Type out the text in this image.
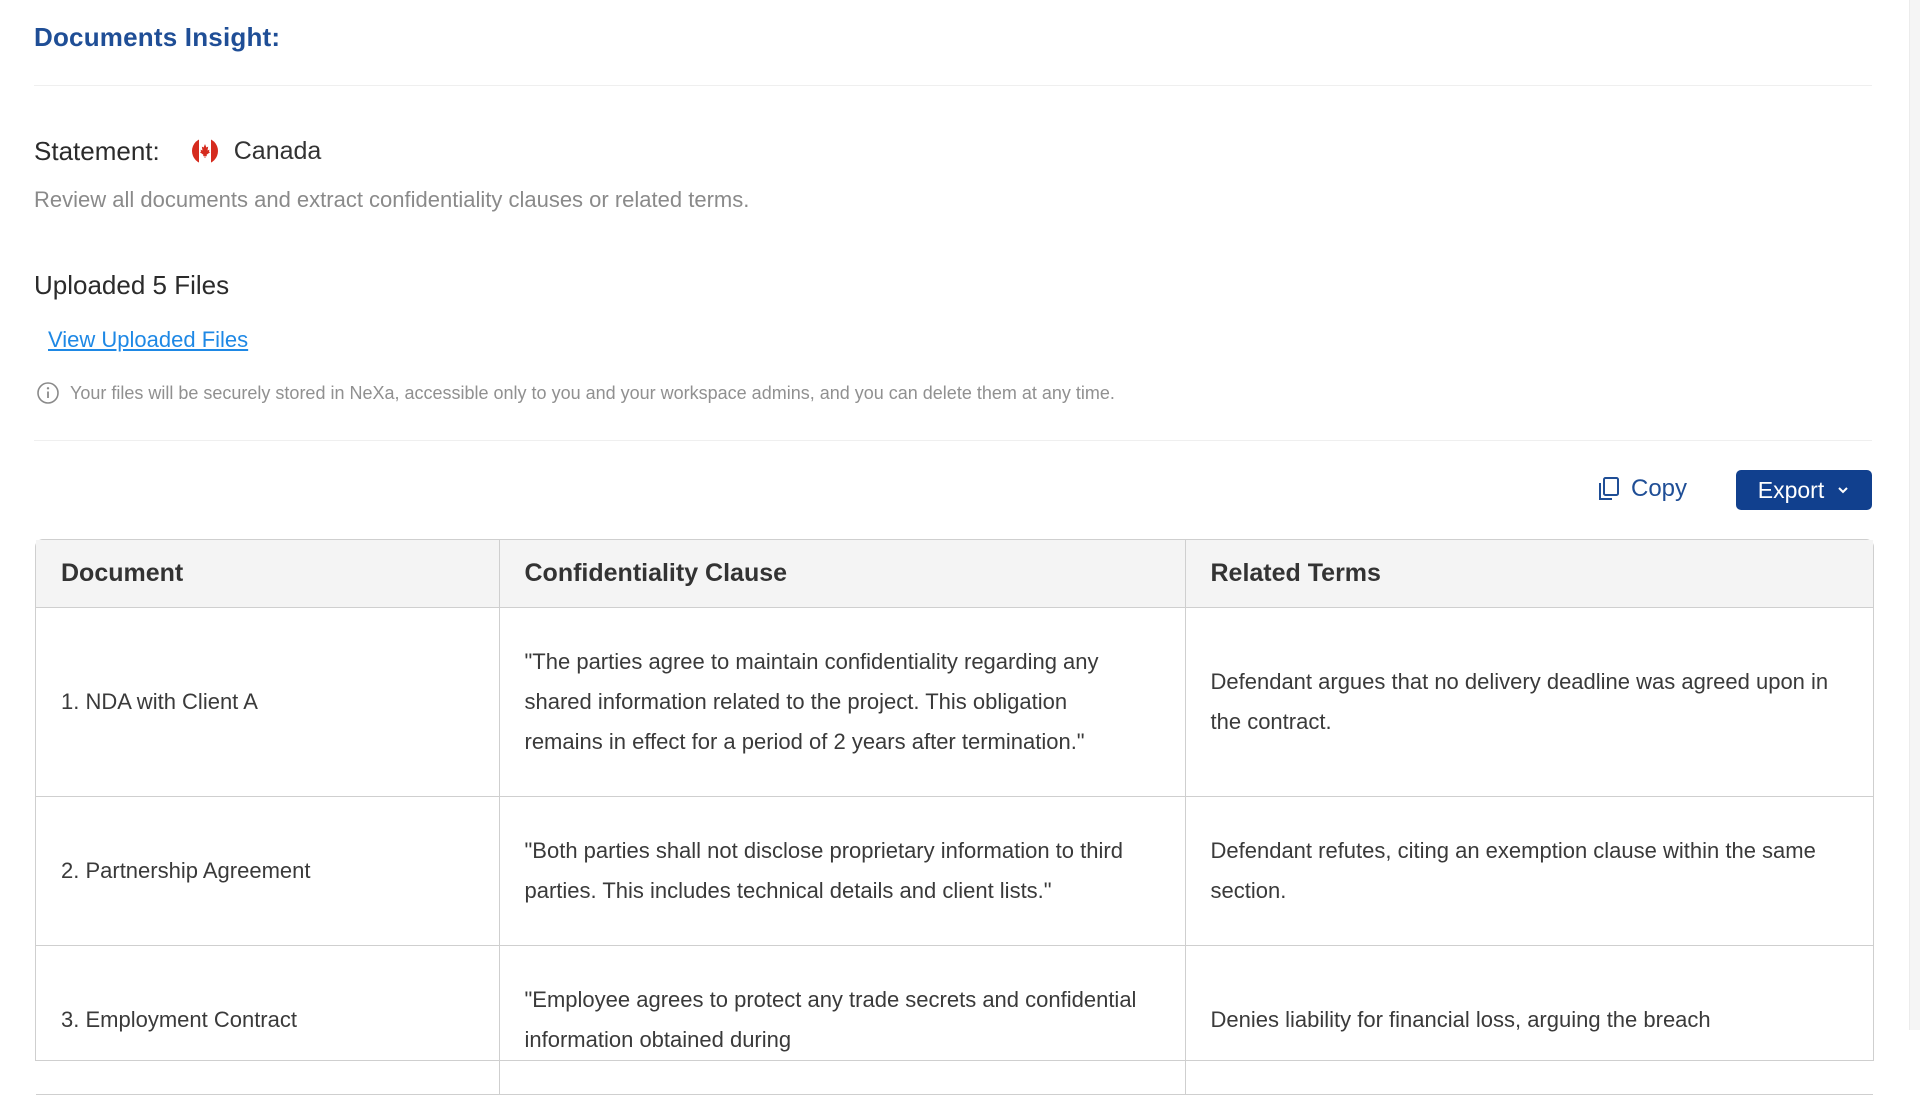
Documents Insight:
Statement:	Canada
Review all documents and extract confidentiality clauses or related terms.
Uploaded 5 Files
View Uploaded Files
Your files will be securely stored in NeXa, accessible only to you and your workspace admins, and you can delete them at any time.
Copy	Export
Document	Confidentiality Clause	Related Terms
1. NDA with Client A	"The parties agree to maintain confidentiality regarding any shared information related to the project. This obligation remains in effect for a period of 2 years after termination."	Defendant argues that no delivery deadline was agreed upon in the contract.
2. Partnership Agreement	"Both parties shall not disclose proprietary information to third parties. This includes technical details and client lists."	Defendant refutes, citing an exemption clause within the same section.
3. Employment Contract	"Employee agrees to protect any trade secrets and confidential information obtained during	Denies liability for financial loss, arguing the breach
